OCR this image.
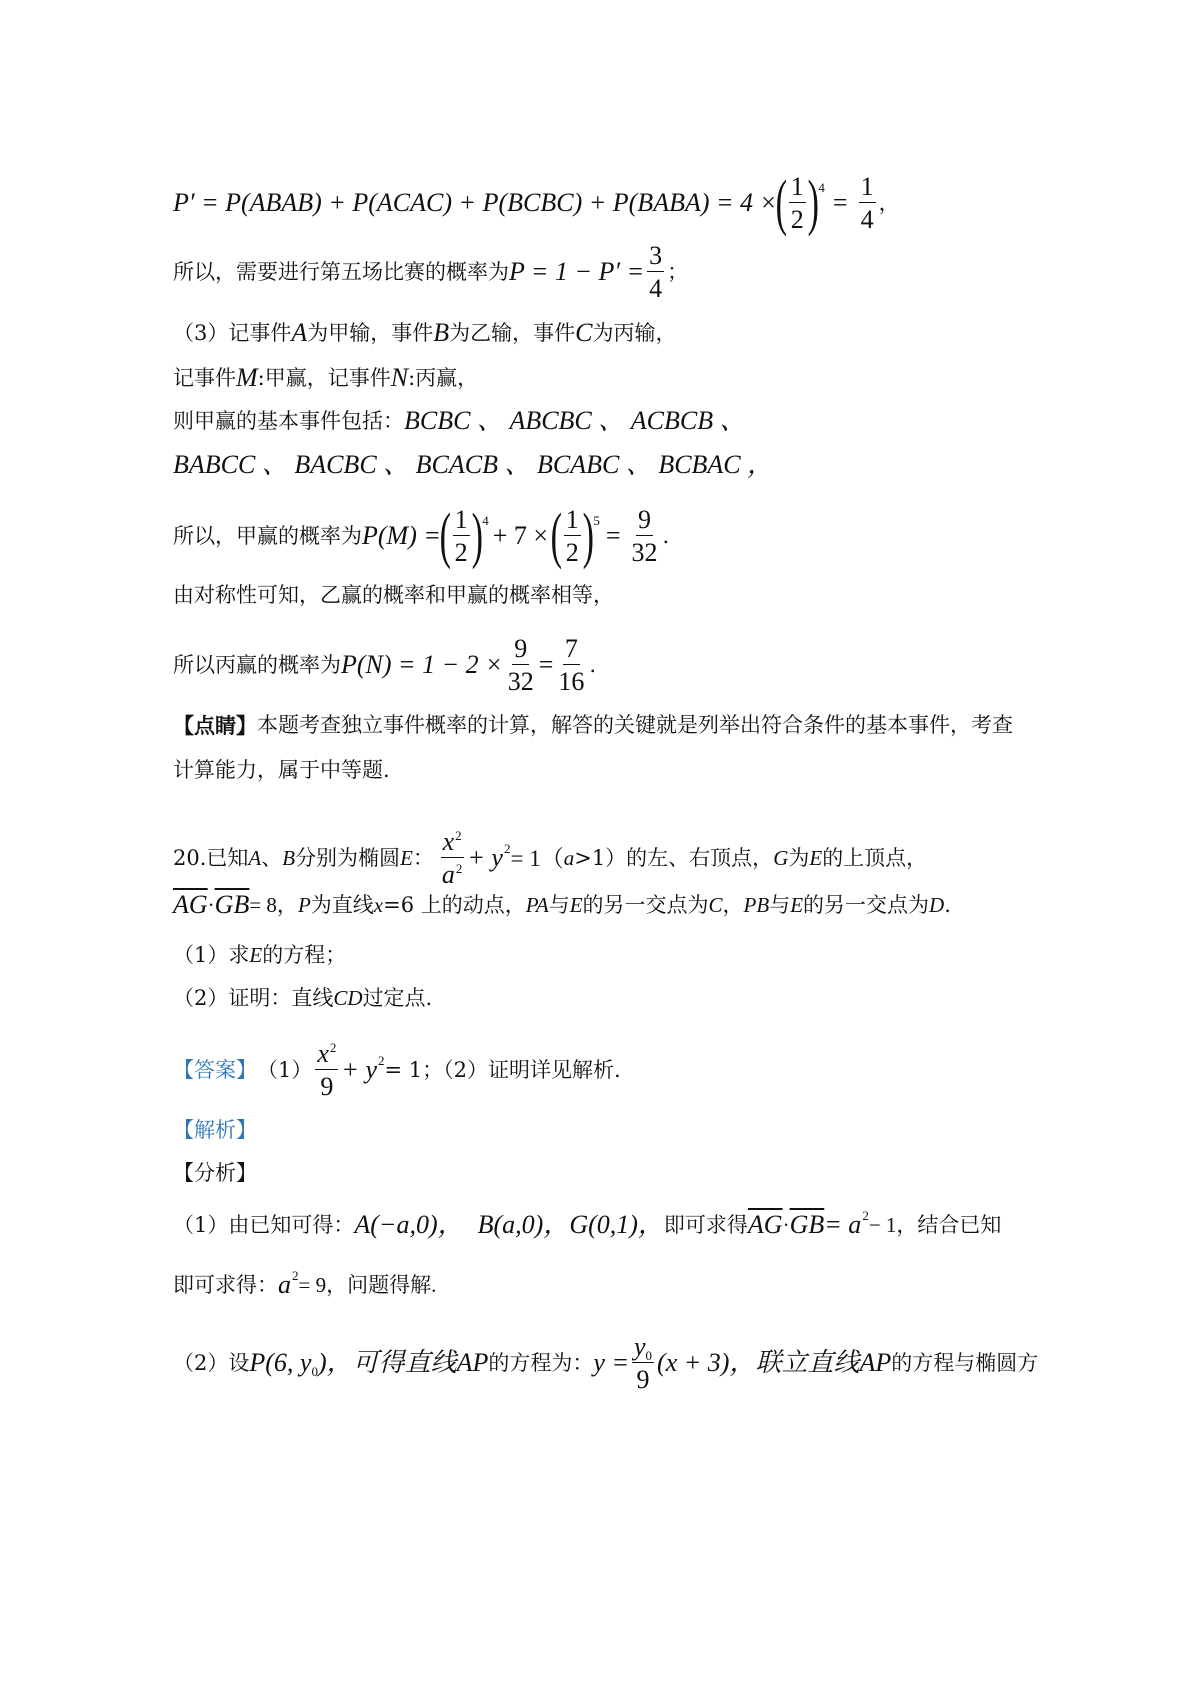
P′ = P(ABAB) + P(ACAC) + P(BCBC) + P(BABA) = 4 ×
( $\frac{1}{2}$ ) 4
= $\frac{1}{4}$ ，
所以，需要进行第五场比赛的概率为 $P = 1 - P' = \frac{3}{4}$ ；
（3）记事件 A 为甲输，事件 B 为乙输，事件 C 为丙输，
记事件 M :甲赢，记事件 N :丙赢，
则甲赢的基本事件包括： BCBC 、 ABCBC 、 ACBCB 、
BABCC 、 BACBC 、 BCACB 、 BCABC 、 BCBAC ，
所以，甲赢的概率为 P(M) =
( $\frac{1}{2}$ ) 4
+ 7 × ( $\frac{1}{2}$ ) 5
= $\frac{9}{32}$ .
由对称性可知，乙赢的概率和甲赢的概率相等，
所以丙赢的概率为 $P(N) = 1 - 2 \times \frac{9}{32} = \frac{7}{16}$ .
【点睛】 本题考查独立事件概率的计算，解答的关键就是列举出符合条件的基本事件，考查
计算能力，属于中等题.
20.已知 A 、 B 分别为椭圆 E ： $\frac{x^2}{a^2} + y$ 2 = 1（ a >1）的左、右顶点， G 为 E 的上顶点，
$\overline{AG} \cdot \overline{GB} = 8$， P 为直线 x =6 上的动点， PA 与 E 的另一交点为 C ， PB 与 E 的另一交点为 D .
（1）求 E 的方程；
（2）证明：直线 CD 过定点.
【答案】 $(1) \frac{x^2}{9} + y$ 2 = 1；（2）证明详见解析.
【解析】
【分析】
（1）由已知可得： A(−a,0)， B(a,0)， G(0,1)， 即可求得 $\overline{AG} \cdot \overline{GB} = a$ 2 − 1，结合已知
即可求得： a 2 = 9，问题得解.
（2）设 P(6, y 0 )，可得直线 AP 的方程为： $y = \frac{y0}{9} (x + 3)$，联立直线 AP 的方程与椭圆方
